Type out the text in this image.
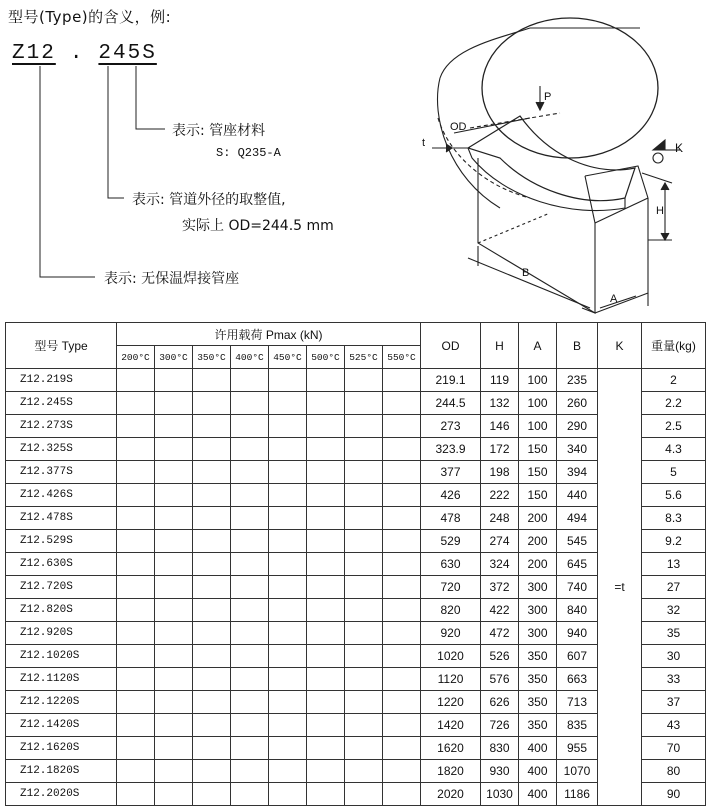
型号(Type)的含义，例:
Z12 . 245S
表示: 管座材料
S: Q235-A
表示: 管道外径的取整值,
实际上 OD=244.5 mm
表示: 无保温焊接管座
P
OD
t	K
H
B
A
型号 Type	许用载荷 Pmax (kN)								OD	H	A	B	K	重量(kg)
	200°C	300°C	350°C	400°C	450°C	500°C	525°C	550°C						
Z12.219S									219.1	119	100	235	=t	2
Z12.245S									244.5	132	100	260		2.2
Z12.273S									273	146	100	290		2.5
Z12.325S									323.9	172	150	340		4.3
Z12.377S									377	198	150	394		5
Z12.426S									426	222	150	440		5.6
Z12.478S									478	248	200	494		8.3
Z12.529S									529	274	200	545		9.2
Z12.630S									630	324	200	645		13
Z12.720S									720	372	300	740		27
Z12.820S									820	422	300	840		32
Z12.920S									920	472	300	940		35
Z12.1020S									1020	526	350	607		30
Z12.1120S									1120	576	350	663		33
Z12.1220S									1220	626	350	713		37
Z12.1420S									1420	726	350	835		43
Z12.1620S									1620	830	400	955		70
Z12.1820S									1820	930	400	1070		80
Z12.2020S									2020	1030	400	1186		90
